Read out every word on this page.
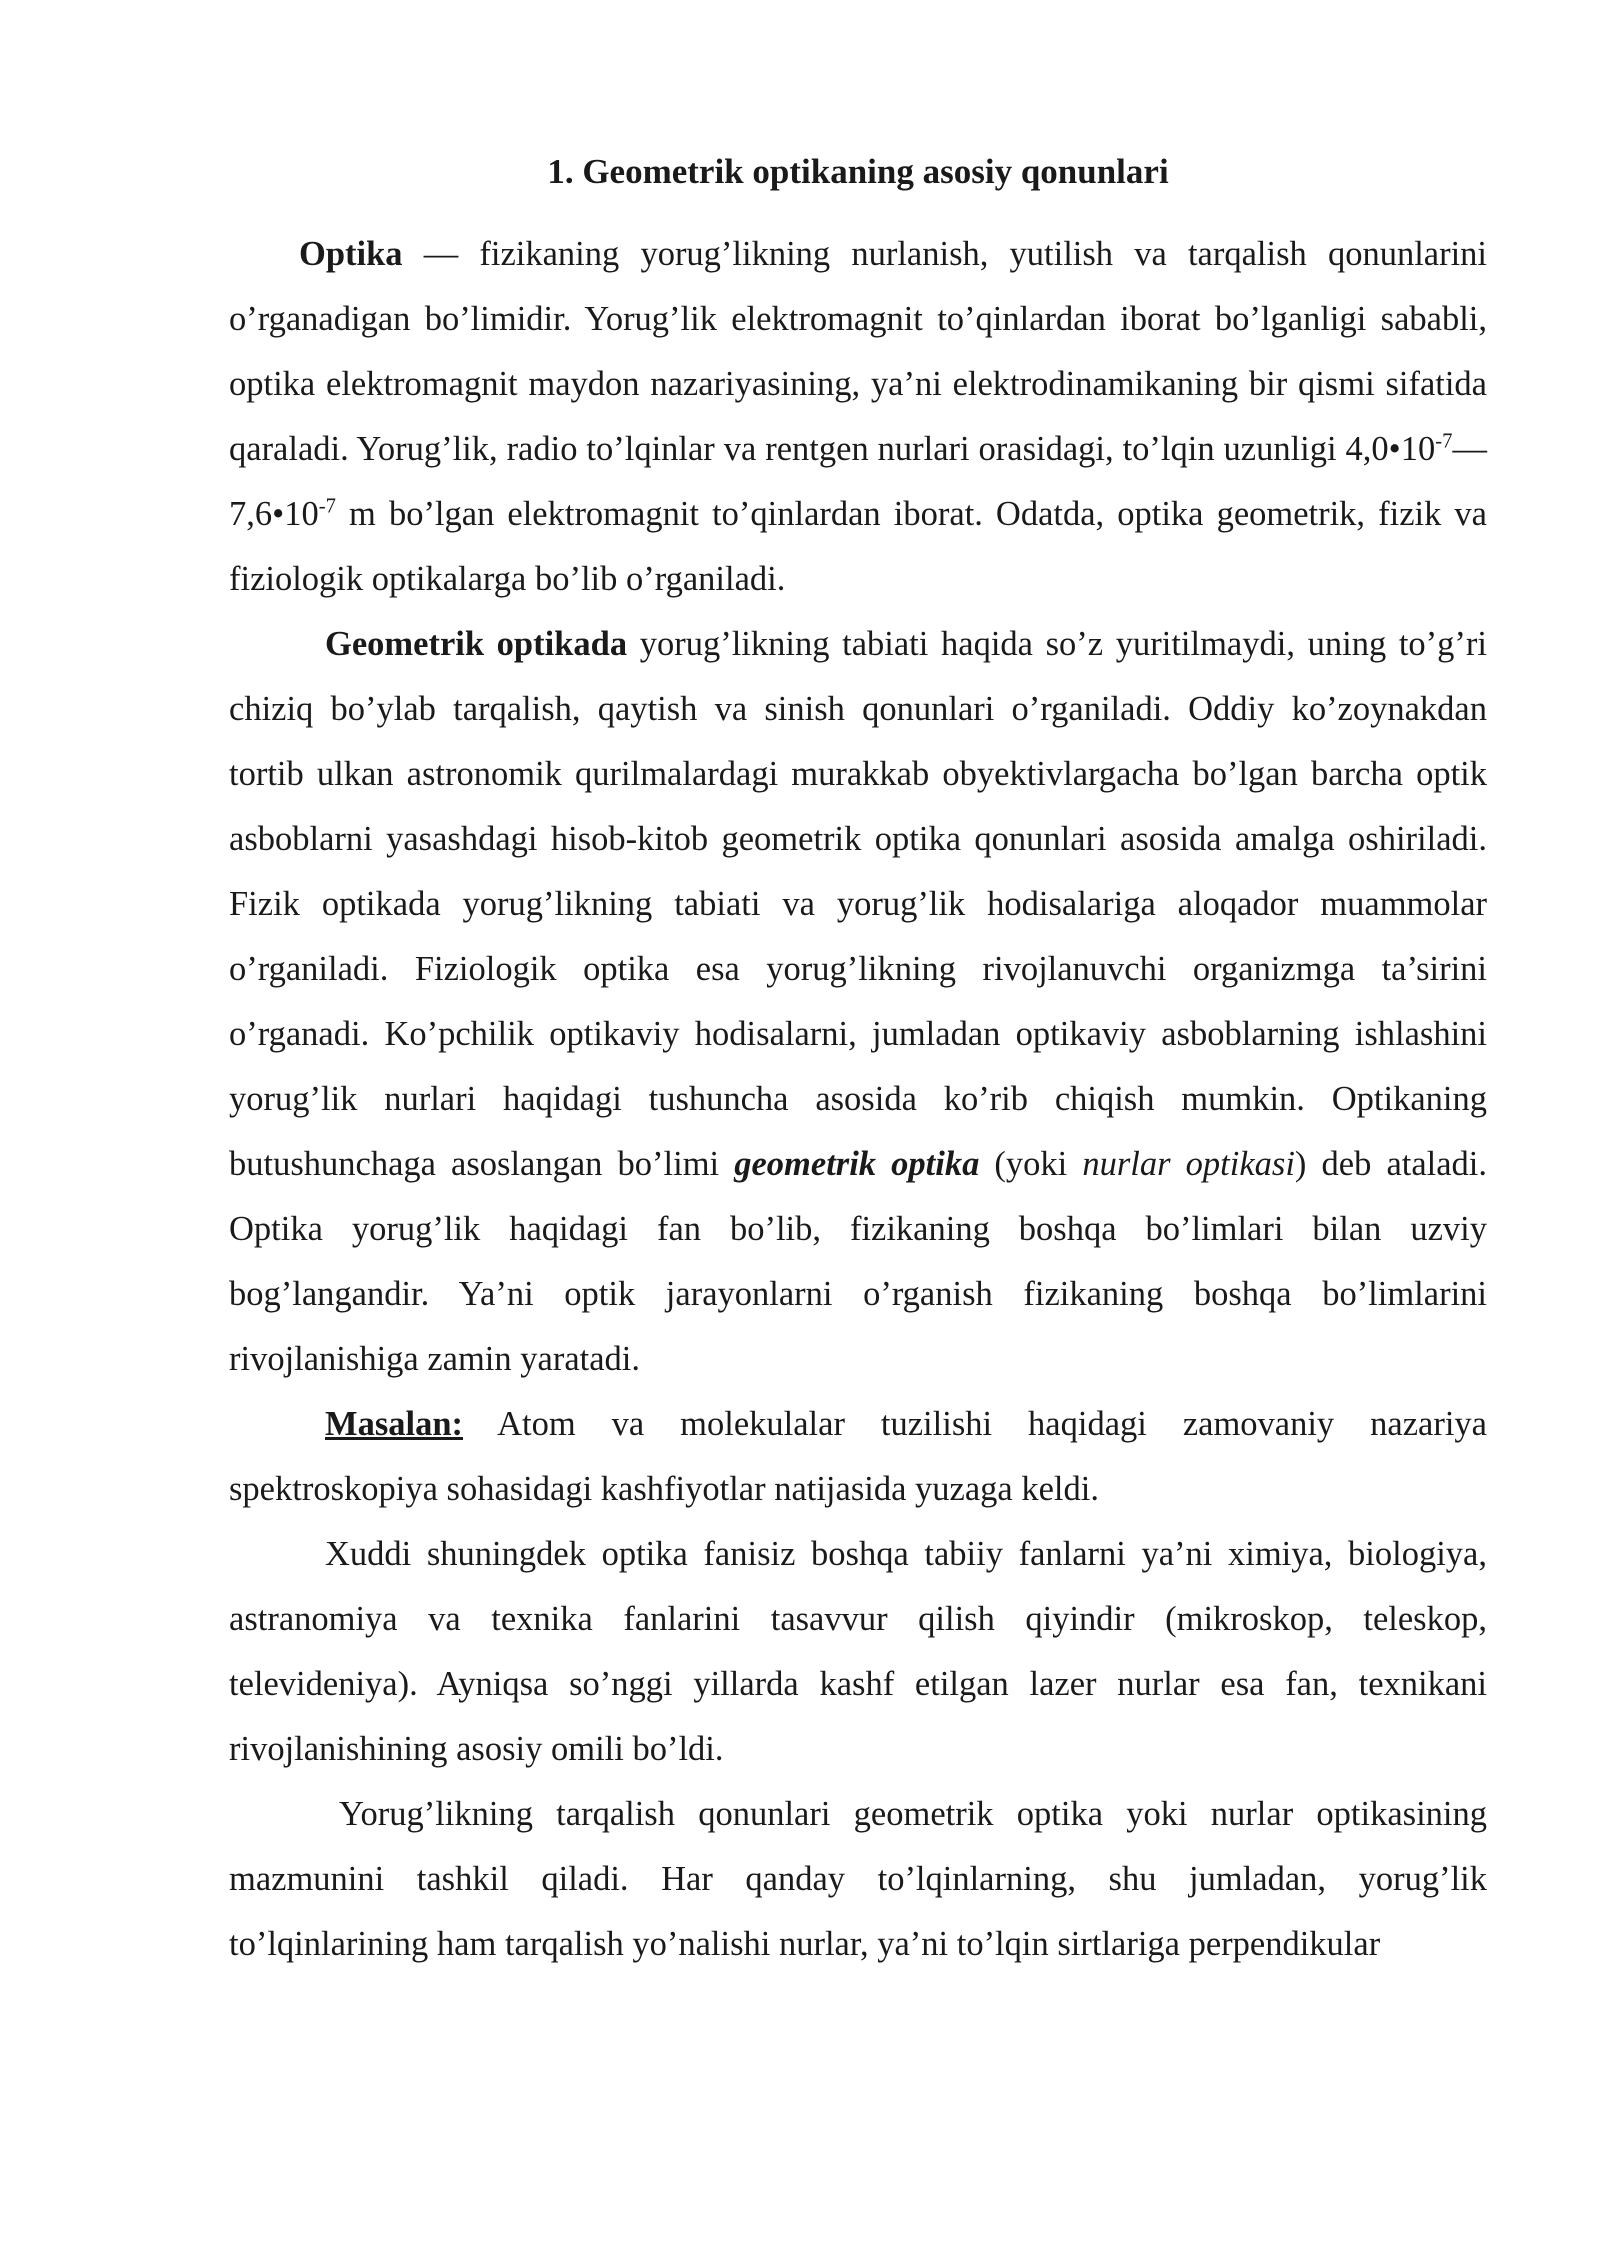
1. Geometrik optikaning asosiy qonunlari

Optika — fizikaning yorug’likning nurlanish, yutilish va tarqalish qonunlarini o’rganadigan bo’limidir. Yorug’lik elektromagnit to’qinlardan iborat bo’lganligi sababli, optika elektromagnit maydon nazariyasining, ya’ni elektrodinamikaning bir qismi sifatida qaraladi. Yorug’lik, radio to’lqinlar va rentgen nurlari orasidagi, to’lqin uzunligi $4,0•10^{-7}—7,6•10^{-7}$ m bo’lgan elektromagnit to’qinlardan iborat. Odatda, optika geometrik, fizik va fiziologik optikalarga bo’lib o’rganiladi.

Geometrik optikada yorug’likning tabiati haqida so’z yuritilmaydi, uning to’g’ri chiziq bo’ylab tarqalish, qaytish va sinish qonunlari o’rganiladi. Oddiy ko’zoynakdan tortib ulkan astronomik qurilmalardagi murakkab obyektivlargacha bo’lgan barcha optik asboblarni yasashdagi hisob-kitob geometrik optika qonunlari asosida amalga oshiriladi. Fizik optikada yorug’likning tabiati va yorug’lik hodisalariga aloqador muammolar o’rganiladi. Fiziologik optika esa yorug’likning rivojlanuvchi organizmga ta’sirini o’rganadi. Ko’pchilik optikaviy hodisalarni, jumladan optikaviy asboblarning ishlashini yorug’lik nurlari haqidagi tushuncha asosida ko’rib chiqish mumkin. Optikaning butushunchaga asoslangan bo’limi geometrik optika (yoki nurlar optikasi) deb ataladi. Optika yorug’lik haqidagi fan bo’lib, fizikaning boshqa bo’limlari bilan uzviy bog’langandir. Ya’ni optik jarayonlarni o’rganish fizikaning boshqa bo’limlarini rivojlanishiga zamin yaratadi.

Masalan: Atom va molekulalar tuzilishi haqidagi zamovaniy nazariya spektroskopiya sohasidagi kashfiyotlar natijasida yuzaga keldi.

Xuddi shuningdek optika fanisiz boshqa tabiiy fanlarni ya’ni ximiya, biologiya, astranomiya va texnika fanlarini tasavvur qilish qiyindir (mikroskop, teleskop, televideniya). Ayniqsa so’nggi yillarda kashf etilgan lazer nurlar esa fan, texnikani rivojlanishining asosiy omili bo’ldi.

Yorug’likning tarqalish qonunlari geometrik optika yoki nurlar optikasining mazmunini tashkil qiladi. Har qanday to’lqinlarning, shu jumladan, yorug’lik to’lqinlarining ham tarqalish yo’nalishi nurlar, ya’ni to’lqin sirtlariga perpendikular
